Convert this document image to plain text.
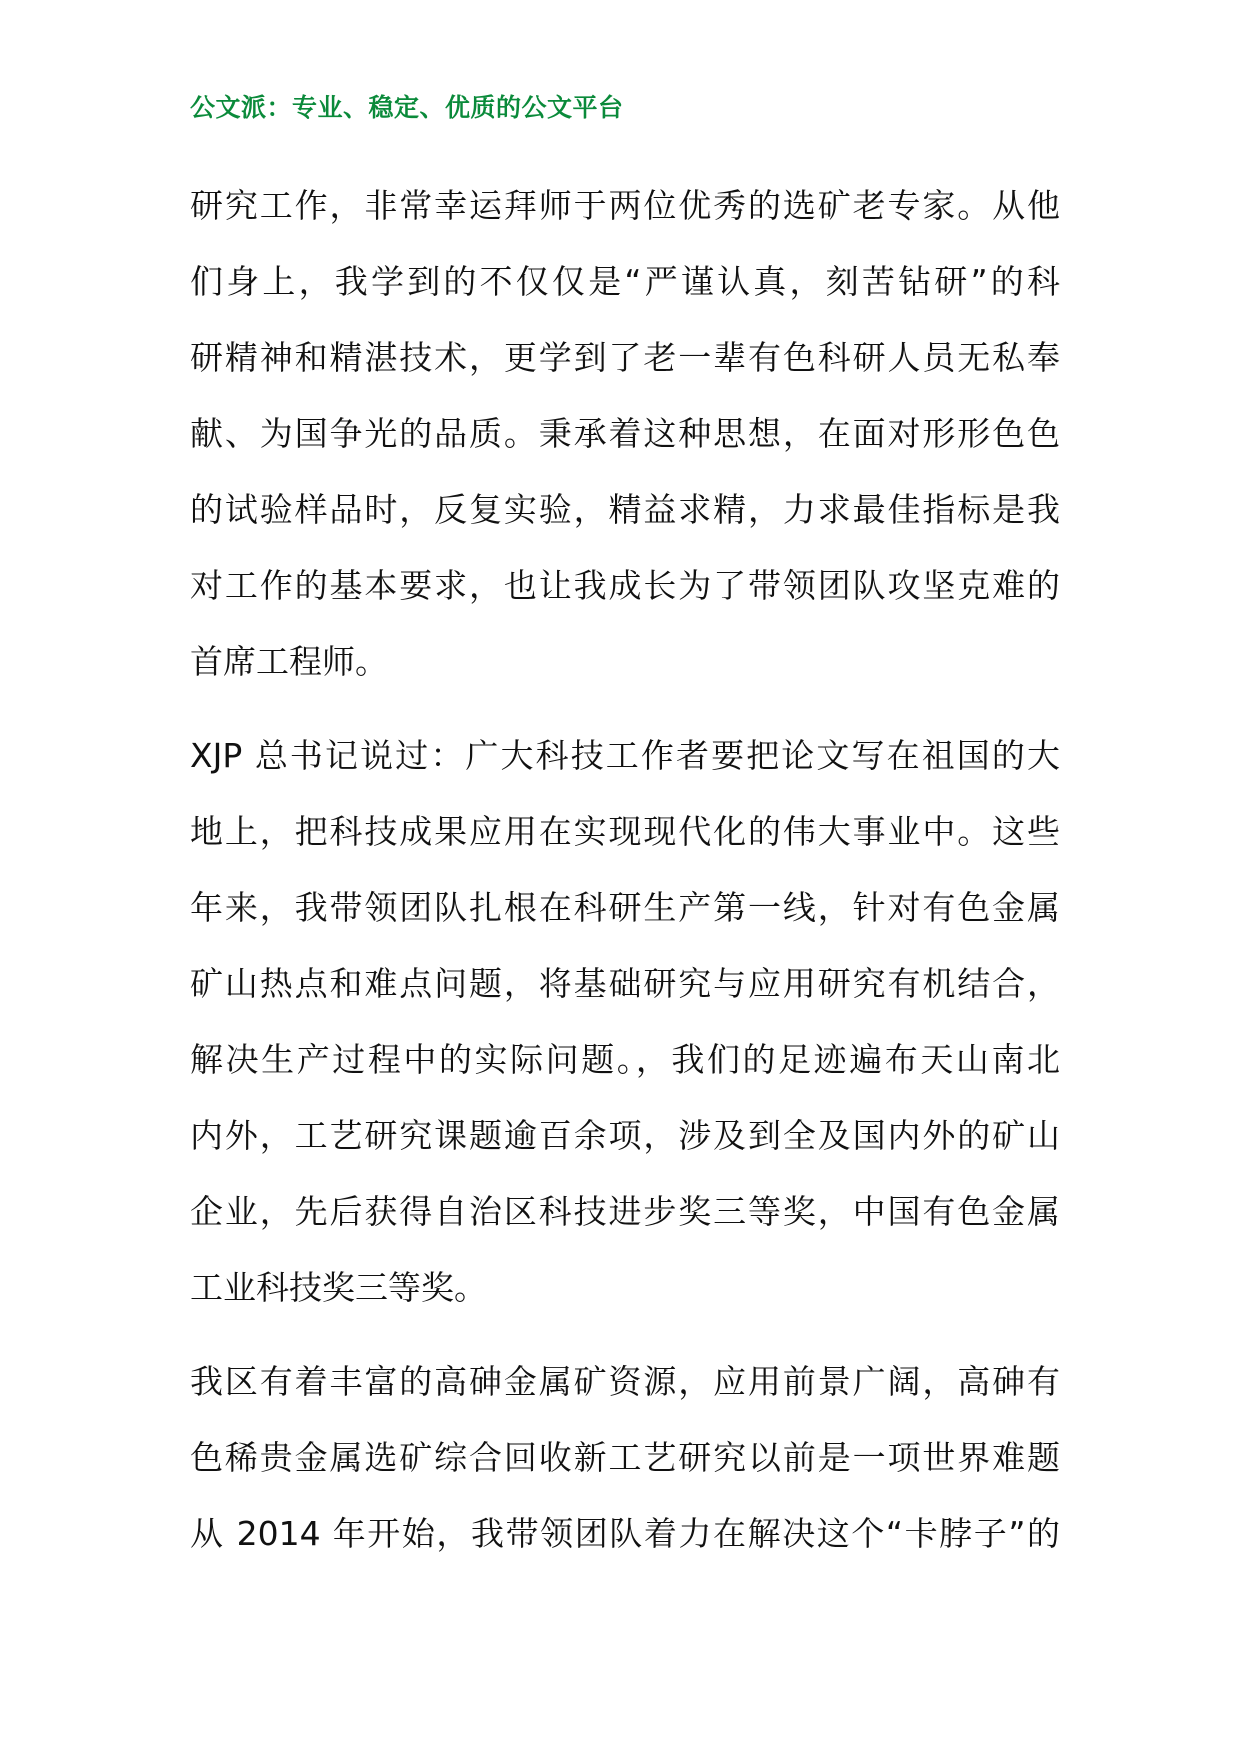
公文派：专业、稳定、优质的公文平台
研究工作，非常幸运拜师于两位优秀的选矿老专家。从他
们身上，我学到的不仅仅是“严谨认真，刻苦钻研”的科
研精神和精湛技术，更学到了老一辈有色科研人员无私奉
献、为国争光的品质。秉承着这种思想，在面对形形色色
的试验样品时，反复实验，精益求精，力求最佳指标是我
对工作的基本要求，也让我成长为了带领团队攻坚克难的
首席工程师。
XJP 总书记说过：广大科技工作者要把论文写在祖国的大
地上，把科技成果应用在实现现代化的伟大事业中。这些
年来，我带领团队扎根在科研生产第一线，针对有色金属
矿山热点和难点问题，将基础研究与应用研究有机结合，
解决生产过程中的实际问题。，我们的足迹遍布天山南北
内外，工艺研究课题逾百余项，涉及到全及国内外的矿山
企业，先后获得自治区科技进步奖三等奖，中国有色金属
工业科技奖三等奖。
我区有着丰富的高砷金属矿资源，应用前景广阔，高砷有
色稀贵金属选矿综合回收新工艺研究以前是一项世界难题
从 2014 年开始，我带领团队着力在解决这个“卡脖子”的
